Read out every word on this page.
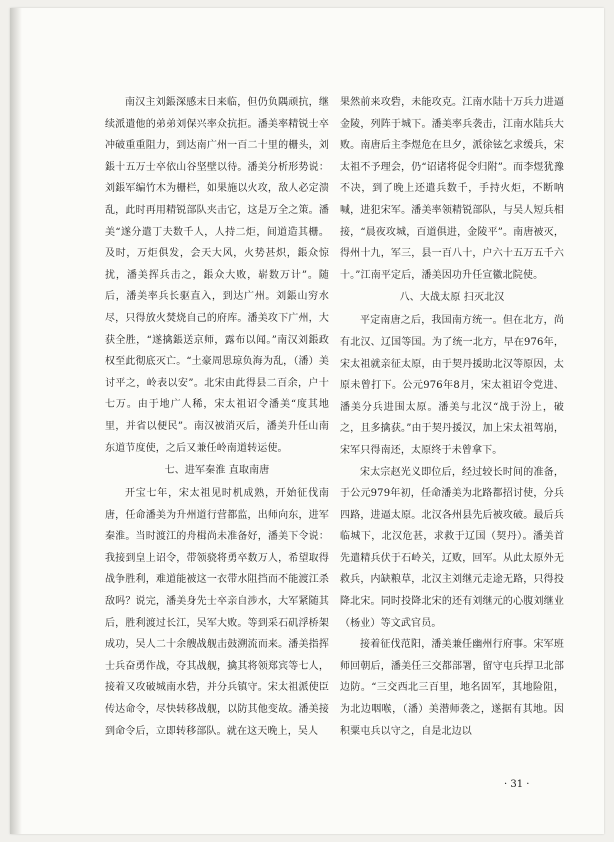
南汉主刘鋹深感末日来临，但仍负隅顽抗，继续派遣他的弟弟刘保兴率众抗拒。潘美率精锐士卒冲破重重阻力，到达南广州一百二十里的栅头，刘鋹十五万士卒依山谷坚壁以待。潘美分析形势说：刘鋹军编竹木为栅栏，如果施以火攻，敌人必定溃乱，此时再用精锐部队夹击它，这是万全之策。潘美“遂分遣丁夫数千人，人持二炬，间道造其栅。及时，万炬俱发，会天大风，火势甚炽，鋹众惊扰，潘美挥兵击之，鋹众大败，崭数万计”。随后，潘美率兵长驱直入，到达广州。刘鋹山穷水尽，只得放火焚烧自己的府库。潘美攻下广州，大获全胜，“遂擒鋹送京师，露布以闻。”南汉刘鋹政权至此彻底灭亡。“土豪周思琼负海为乱，（潘）美讨平之，岭表以安”。北宋由此得县二百余，户十七万。由于地广人稀，宋太祖诏令潘美“度其地里，并省以便民”。南汉被消灭后，潘美升任山南东道节度使，之后又兼任岭南道转运使。

七、进军秦淮 直取南唐

开宝七年，宋太祖见时机成熟，开始征伐南唐，任命潘美为升州道行营都监，出师向东，进军秦淮。当时渡江的舟楫尚未准备好，潘美下令说：我接到皇上诏令，带领骁将勇卒数万人，希望取得战争胜利，难道能被这一衣带水阻挡而不能渡江杀敌吗？说完，潘美身先士卒亲自涉水，大军紧随其后，胜利渡过长江，吴军大败。等到采石矶浮桥架成功，吴人二十余艘战舰击鼓溯流而来。潘美指挥士兵奋勇作战，夺其战舰，擒其将领郑宾等七人，接着又攻破城南水砦，并分兵镇守。宋太祖派使臣传达命令，尽快转移战舰，以防其他变故。潘美接到命令后，立即转移部队。就在这天晚上，吴人

果然前来攻砦，未能攻克。江南水陆十万兵力进逼金陵，列阵于城下。潘美率兵袭击，江南水陆兵大败。南唐后主李煜危在旦夕，派徐铉乞求缓兵，宋太祖不予理会，仍“诏诸将促令归附”。而李煜犹豫不决，到了晚上还遣兵数千，手持火炬，不断呐喊，进犯宋军。潘美率领精锐部队，与吴人短兵相接，“晨夜攻城，百道俱进，金陵平”。南唐被灭，得州十九，军三，县一百八十，户六十五万五千六十。”江南平定后，潘美因功升任宣徽北院使。

八、大战太原 扫灭北汉

平定南唐之后，我国南方统一。但在北方，尚有北汉、辽国等国。为了统一北方，早在976年，宋太祖就亲征太原，由于契丹援助北汉等原因，太原未曾打下。公元976年8月，宋太祖诏令党进、潘美分兵进围太原。潘美与北汉“战于汾上，破之，且多擒获。”由于契丹援汉，加上宋太祖驾崩，宋军只得南还，太原终于未曾拿下。

宋太宗赵光义即位后，经过较长时间的准备，于公元979年初，任命潘美为北路都招讨使，分兵四路，进逼太原。北汉各州县先后被攻破。最后兵临城下，北汉危甚，求救于辽国（契丹）。潘美首先遣精兵伏于石岭关，辽败，回军。从此太原外无救兵，内缺粮草，北汉主刘继元走途无路，只得投降北宋。同时投降北宋的还有刘继元的心腹刘继业（杨业）等文武官员。

接着征伐范阳，潘美兼任幽州行府事。宋军班师回朝后，潘美任三交都部署，留守屯兵捍卫北部边防。“三交西北三百里，地名固军，其地险阻，为北边咽喉，（潘）美潜师袭之，遂据有其地。因积粟屯兵以守之，自是北边以

· 31 ·
